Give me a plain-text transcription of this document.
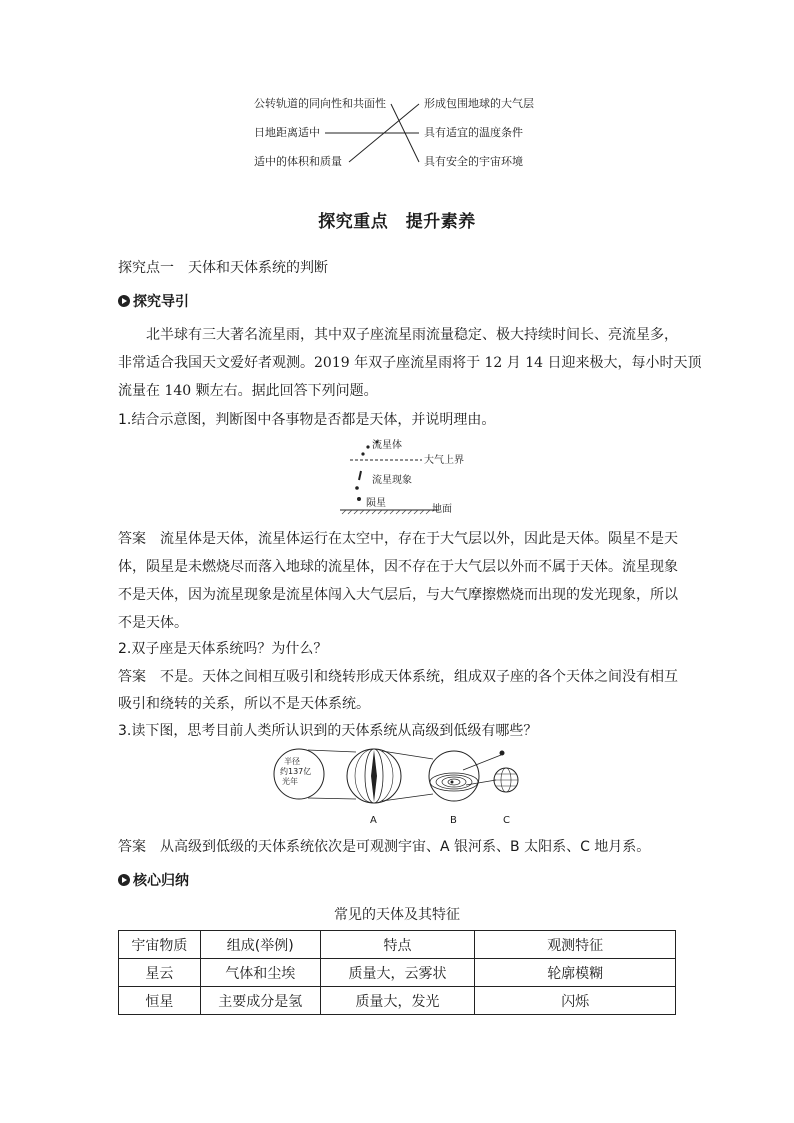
公转轨道的同向性和共面性
日地距离适中
适中的体积和质量
形成包围地球的大气层
具有适宜的温度条件
具有安全的宇宙环境
探究重点　提升素养
探究点一　天体和天体系统的判断
探究导引
北半球有三大著名流星雨，其中双子座流星雨流量稳定、极大持续时间长、亮流星多，
非常适合我国天文爱好者观测。2019 年双子座流星雨将于 12 月 14 日迎来极大，每小时天顶
流量在 140 颗左右。据此回答下列问题。
1.结合示意图，判断图中各事物是否都是天体，并说明理由。
流星体
大气上界
流星现象
陨星
地面
答案　 流星体是天体，流星体运行在太空中，存在于大气层以外，因此是天体。陨星不是天
体，陨星是未燃烧尽而落入地球的流星体，因不存在于大气层以外而不属于天体。流星现象
不是天体，因为流星现象是流星体闯入大气层后，与大气摩擦燃烧而出现的发光现象，所以
不是天体。
2.双子座是天体系统吗？为什么？
答案　 不是。天体之间相互吸引和绕转形成天体系统，组成双子座的各个天体之间没有相互
吸引和绕转的关系，所以不是天体系统。
3.读下图，思考目前人类所认识到的天体系统从高级到低级有哪些？
半径
约137亿
光年
A	B	C
答案　 从高级到低级的天体系统依次是可观测宇宙、A 银河系、B 太阳系、C 地月系。
核心归纳
常见的天体及其特征
宇宙物质	组成(举例)	特点	观测特征
星云	气体和尘埃	质量大，云雾状	轮廓模糊
恒星	主要成分是氢	质量大，发光	闪烁
